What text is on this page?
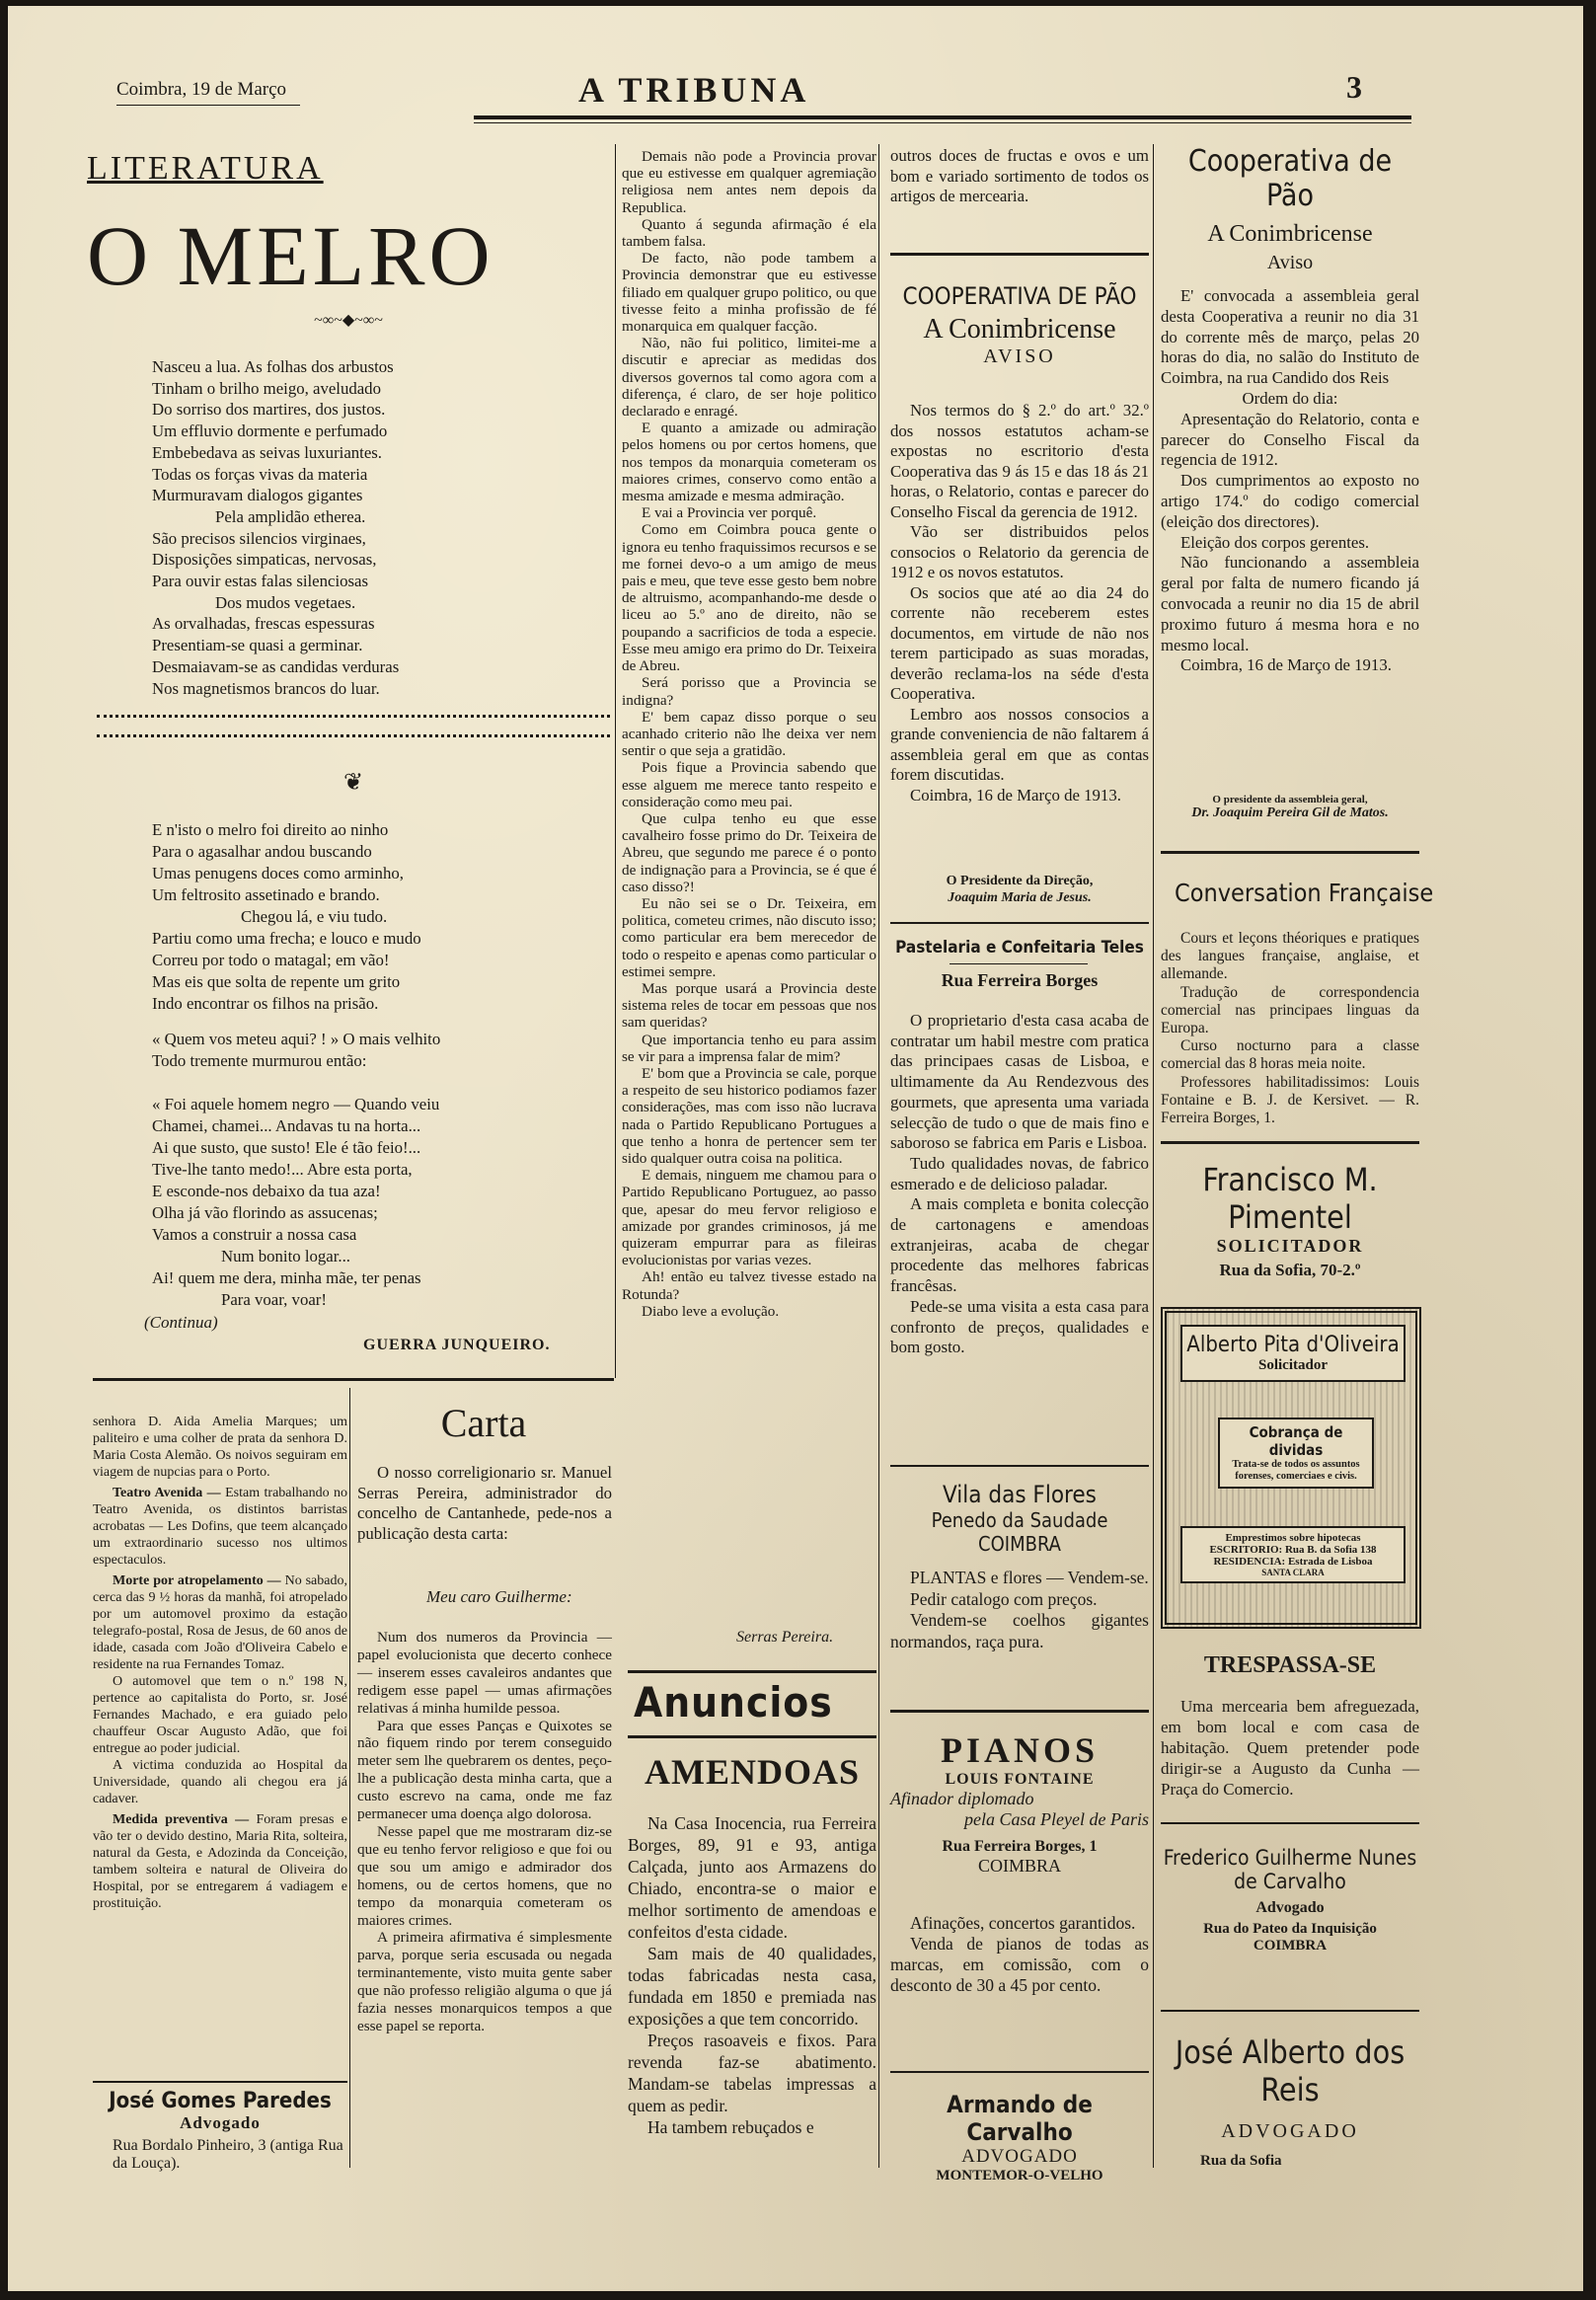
Coimbra, 19 de Março	A TRIBUNA	3
LITERATURA
O MELRO
~∞~◆~∞~
Nasceu a lua. As folhas dos arbustos
Tinham o brilho meigo, aveludado
Do sorriso dos martires, dos justos.
Um effluvio dormente e perfumado
Embebedava as seivas luxuriantes.
Todas os forças vivas da materia
Murmuravam dialogos gigantes
Pela amplidão etherea.
São precisos silencios virginaes,
Disposições simpaticas, nervosas,
Para ouvir estas falas silenciosas
Dos mudos vegetaes.
As orvalhadas, frescas espessuras
Presentiam-se quasi a germinar.
Desmaiavam-se as candidas verduras
Nos magnetismos brancos do luar.
❦
E n'isto o melro foi direito ao ninho
Para o agasalhar andou buscando
Umas penugens doces como arminho,
Um feltrosito assetinado e brando.
Chegou lá, e viu tudo.
Partiu como uma frecha; e louco e mudo
Correu por todo o matagal; em vão!
Mas eis que solta de repente um grito
Indo encontrar os filhos na prisão.
« Quem vos meteu aqui? ! » O mais velhito
Todo tremente murmurou então:
« Foi aquele homem negro — Quando veiu
Chamei, chamei... Andavas tu na horta...
Ai que susto, que susto! Ele é tão feio!...
Tive-lhe tanto medo!... Abre esta porta,
E esconde-nos debaixo da tua aza!
Olha já vão florindo as assucenas;
Vamos a construir a nossa casa
Num bonito logar...
Ai! quem me dera, minha mãe, ter penas
Para voar, voar!
(Continua)
GUERRA JUNQUEIRO.

senhora D. Aida Amelia Marques; um paliteiro e uma colher de prata da senhora D. Maria Costa Alemão. Os noivos seguiram em viagem de nupcias para o Porto.

Teatro Avenida — Estam trabalhando no Teatro Avenida, os distintos barristas acrobatas — Les Dofins, que teem alcançado um extraordinario sucesso nos ultimos espectaculos.

Morte por atropelamento — No sabado, cerca das 9 ½ horas da manhã, foi atropelado por um automovel proximo da estação telegrafo-postal, Rosa de Jesus, de 60 anos de idade, casada com João d'Oliveira Cabelo e residente na rua Fernandes Tomaz.

O automovel que tem o n.º 198 N, pertence ao capitalista do Porto, sr. José Fernandes Machado, e era guiado pelo chauffeur Oscar Augusto Adão, que foi entregue ao poder judicial.

A victima conduzida ao Hospital da Universidade, quando ali chegou era já cadaver.

Medida preventiva — Foram presas e vão ter o devido destino, Maria Rita, solteira, natural da Gesta, e Adozinda da Conceição, tambem solteira e natural de Oliveira do Hospital, por se entregarem á vadiagem e prostituição.

José Gomes Paredes
Advogado
Rua Bordalo Pinheiro, 3 (antiga Rua da Louça).
Carta

O nosso correligionario sr. Manuel Serras Pereira, administrador do concelho de Cantanhede, pede-nos a publicação desta carta:

Meu caro Guilherme:

Num dos numeros da Provincia — papel evolucionista que decerto conhece — inserem esses cavaleiros andantes que redigem esse papel — umas afirmações relativas á minha humilde pessoa.

Para que esses Panças e Quixotes se não fiquem rindo por terem conseguido meter sem lhe quebrarem os dentes, peço-lhe a publicação desta minha carta, que a custo escrevo na cama, onde me faz permanecer uma doença algo dolorosa.

Nesse papel que me mostraram diz-se que eu tenho fervor religioso e que foi ou que sou um amigo e admirador dos homens, ou de certos homens, que no tempo da monarquia cometeram os maiores crimes.

A primeira afirmativa é simplesmente parva, porque seria escusada ou negada terminantemente, visto muita gente saber que não professo religião alguma o que já fazia nesses monarquicos tempos a que esse papel se reporta.

Demais não pode a Provincia provar que eu estivesse em qualquer agremiação religiosa nem antes nem depois da Republica.

Quanto á segunda afirmação é ela tambem falsa.

De facto, não pode tambem a Provincia demonstrar que eu estivesse filiado em qualquer grupo politico, ou que tivesse feito a minha profissão de fé monarquica em qualquer facção.

Não, não fui politico, limitei-me a discutir e apreciar as medidas dos diversos governos tal como agora com a diferença, é claro, de ser hoje politico declarado e enragé.

E quanto a amizade ou admiração pelos homens ou por certos homens, que nos tempos da monarquia cometeram os maiores crimes, conservo como então a mesma amizade e mesma admiração.

E vai a Provincia ver porquê.

Como em Coimbra pouca gente o ignora eu tenho fraquissimos recursos e se me fornei devo-o a um amigo de meus pais e meu, que teve esse gesto bem nobre de altruismo, acompanhando-me desde o liceu ao 5.º ano de direito, não se poupando a sacrificios de toda a especie. Esse meu amigo era primo do Dr. Teixeira de Abreu.

Será porisso que a Provincia se indigna?

E' bem capaz disso porque o seu acanhado criterio não lhe deixa ver nem sentir o que seja a gratidão.

Pois fique a Provincia sabendo que esse alguem me merece tanto respeito e consideração como meu pai.

Que culpa tenho eu que esse cavalheiro fosse primo do Dr. Teixeira de Abreu, que segundo me parece é o ponto de indignação para a Provincia, se é que é caso disso?!

Eu não sei se o Dr. Teixeira, em politica, cometeu crimes, não discuto isso; como particular era bem merecedor de todo o respeito e apenas como particular o estimei sempre.

Mas porque usará a Provincia deste sistema reles de tocar em pessoas que nos sam queridas?

Que importancia tenho eu para assim se vir para a imprensa falar de mim?

E' bom que a Provincia se cale, porque a respeito de seu historico podiamos fazer considerações, mas com isso não lucrava nada o Partido Republicano Portugues a que tenho a honra de pertencer sem ter sido qualquer outra coisa na politica.

E demais, ninguem me chamou para o Partido Republicano Portuguez, ao passo que, apesar do meu fervor religioso e amizade por grandes criminosos, já me quizeram empurrar para as fileiras evolucionistas por varias vezes.

Ah! então eu talvez tivesse estado na Rotunda?

Diabo leve a evolução.

Serras Pereira.
Anuncios
AMENDOAS

Na Casa Inocencia, rua Ferreira Borges, 89, 91 e 93, antiga Calçada, junto aos Armazens do Chiado, encontra-se o maior e melhor sortimento de amendoas e confeitos d'esta cidade.

Sam mais de 40 qualidades, todas fabricadas nesta casa, fundada em 1850 e premiada nas exposições a que tem concorrido.

Preços rasoaveis e fixos. Para revenda faz-se abatimento. Mandam-se tabelas impressas a quem as pedir.

Ha tambem rebuçados e

outros doces de fructas e ovos e um bom e variado sortimento de todos os artigos de mercearia.
COOPERATIVA DE PÃO
A Conimbricense
AVISO

Nos termos do § 2.º do art.º 32.º dos nossos estatutos acham-se expostas no escritorio d'esta Cooperativa das 9 ás 15 e das 18 ás 21 horas, o Relatorio, contas e parecer do Conselho Fiscal da gerencia de 1912.

Vão ser distribuidos pelos consocios o Relatorio da gerencia de 1912 e os novos estatutos.

Os socios que até ao dia 24 do corrente não receberem estes documentos, em virtude de não nos terem participado as suas moradas, deverão reclama-los na séde d'esta Cooperativa.

Lembro aos nossos consocios a grande conveniencia de não faltarem á assembleia geral em que as contas forem discutidas.

Coimbra, 16 de Março de 1913.

O Presidente da Direção,
Joaquim Maria de Jesus.
Pastelaria e Confeitaria Teles
Rua Ferreira Borges

O proprietario d'esta casa acaba de contratar um habil mestre com pratica das principaes casas de Lisboa, e ultimamente da Au Rendezvous des gourmets, que apresenta uma variada selecção de tudo o que de mais fino e saboroso se fabrica em Paris e Lisboa.

Tudo qualidades novas, de fabrico esmerado e de delicioso paladar.

A mais completa e bonita colecção de cartonagens e amendoas extranjeiras, acaba de chegar procedente das melhores fabricas francêsas.

Pede-se uma visita a esta casa para confronto de preços, qualidades e bom gosto.

Vila das Flores
Penedo da Saudade COIMBRA

PLANTAS e flores — Vendem-se.

Pedir catalogo com preços.

Vendem-se coelhos gigantes normandos, raça pura.

PIANOS
LOUIS FONTAINE
Afinador diplomado
pela Casa Pleyel de Paris
Rua Ferreira Borges, 1
COIMBRA

Afinações, concertos garantidos.

Venda de pianos de todas as marcas, em comissão, com o desconto de 30 a 45 por cento.

Armando de Carvalho
ADVOGADO
MONTEMOR-O-VELHO
Cooperativa de Pão
A Conimbricense
Aviso

E' convocada a assembleia geral desta Cooperativa a reunir no dia 31 do corrente mês de março, pelas 20 horas do dia, no salão do Instituto de Coimbra, na rua Candido dos Reis

Ordem do dia:

Apresentação do Relatorio, conta e parecer do Conselho Fiscal da regencia de 1912.

Dos cumprimentos ao exposto no artigo 174.º do codigo comercial (eleição dos directores).

Eleição dos corpos gerentes.

Não funcionando a assembleia geral por falta de numero ficando já convocada a reunir no dia 15 de abril proximo futuro á mesma hora e no mesmo local.

Coimbra, 16 de Março de 1913.

O presidente da assembleia geral,
Dr. Joaquim Pereira Gil de Matos.
Conversation Française

Cours et leçons théoriques e pratiques des langues française, anglaise, et allemande.

Tradução de correspondencia comercial nas principaes linguas da Europa.

Curso nocturno para a classe comercial das 8 horas meia noite.

Professores habilitadissimos: Louis Fontaine e B. J. de Kersivet. — R. Ferreira Borges, 1.

Francisco M. Pimentel
SOLICITADOR
Rua da Sofia, 70-2.º
Alberto Pita d'Oliveira
Solicitador
Cobrança de dividas
Trata-se de todos os assuntos forenses, comerciaes e civis.
Emprestimos sobre hipotecas
ESCRITORIO: Rua B. da Sofia 138
RESIDENCIA: Estrada de Lisboa
SANTA CLARA
TRESPASSA-SE

Uma mercearia bem afreguezada, em bom local e com casa de habitação. Quem pretender pode dirigir-se a Augusto da Cunha — Praça do Comercio.

Frederico Guilherme Nunes
de Carvalho
Advogado
Rua do Pateo da Inquisição
COIMBRA
José Alberto dos Reis
ADVOGADO
Rua da Sofia
